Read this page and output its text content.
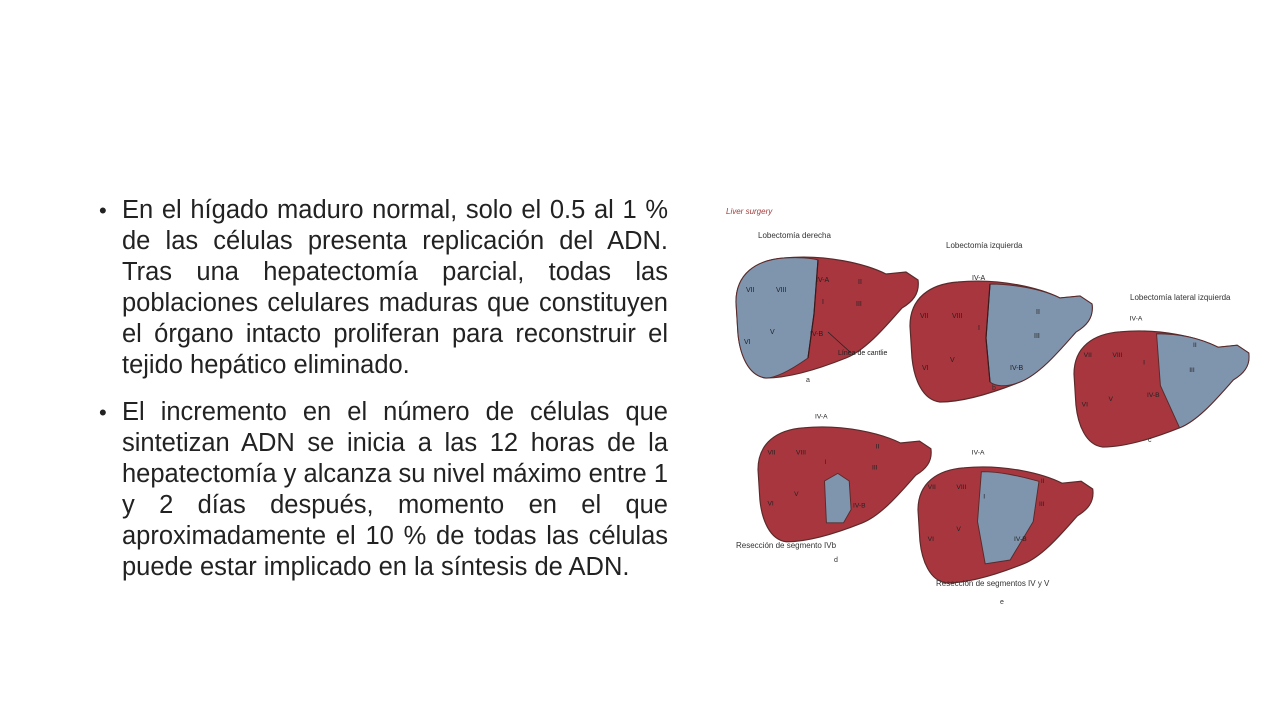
• En el hígado maduro normal, solo el 0.5 al 1 % de las células presenta replicación del ADN. Tras una hepatectomía parcial, todas las poblaciones celulares maduras que constituyen el órgano intacto proliferan para reconstruir el tejido hepático eliminado.
• El incremento en el número de células que sintetizan ADN se inicia a las 12 horas de la hepatectomía y alcanza su nivel máximo entre 1 y 2 días después, momento en el que aproximadamente el 10 % de todas las células puede estar implicado en la síntesis de ADN.
Liver surgery
Lobectomía derecha
VII	VIII
IV-A	II
I	III
IV-B
VI
V
Línea de cantlie
a
Lobectomía izquierda
VII	VIII
IV-A
II
I
III
IV-B
VI
V
b
Lobectomía lateral izquierda
VII	VIII
IV-A
II
I
III
IV-B
VI
V
c
VII	VIII
IV-A
II
I
III
IV-B
VI
V
Resección de segmento IVb
d
VII	VIII
IV-A
II
I
III
IV-B
VI
V
Resección de segmentos IV y V
e
